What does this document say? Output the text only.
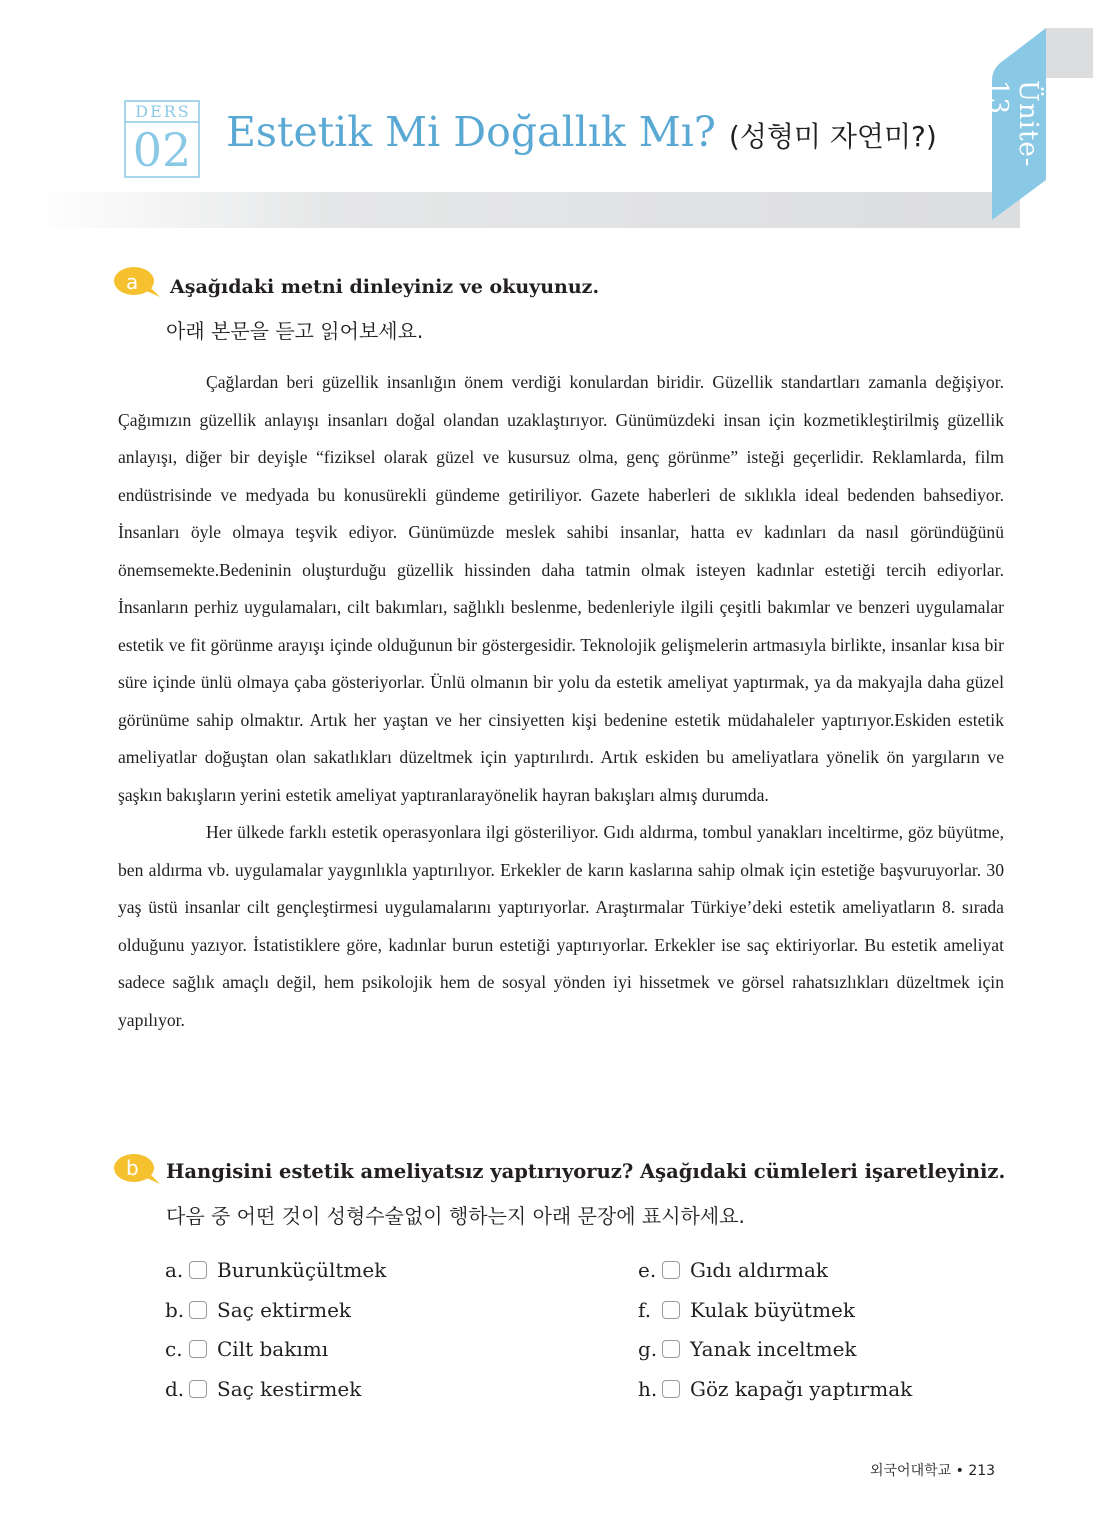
Ünite-13
DERS
02 Estetik Mi Doğallık Mı? (성형미 자연미?)
a Aşağıdaki metni dinleyiniz ve okuyunuz.
아래 본문을 듣고 읽어보세요.

Çağlardan beri güzellik insanlığın önem verdiği konulardan biridir. Güzellik standartları zamanla değişiyor. Çağımızın güzellik anlayışı insanları doğal olandan uzaklaştırıyor. Günümüzdeki insan için kozmetikleştirilmiş güzellik anlayışı, diğer bir deyişle “fiziksel olarak güzel ve kusursuz olma, genç görünme” isteği geçerlidir. Reklamlarda, film endüstrisinde ve medyada bu konusürekli gündeme getiriliyor. Gazete haberleri de sıklıkla ideal bedenden bahsediyor. İnsanları öyle olmaya teşvik ediyor. Günümüzde meslek sahibi insanlar, hatta ev kadınları da nasıl göründüğünü önemsemekte.Bedeninin oluşturduğu güzellik hissinden daha tatmin olmak isteyen kadınlar estetiği tercih ediyorlar. İnsanların perhiz uygulamaları, cilt bakımları, sağlıklı beslenme, bedenleriyle ilgili çeşitli bakımlar ve benzeri uygulamalar estetik ve fit görünme arayışı içinde olduğunun bir göstergesidir. Teknolojik gelişmelerin artmasıyla birlikte, insanlar kısa bir süre içinde ünlü olmaya çaba gösteriyorlar. Ünlü olmanın bir yolu da estetik ameliyat yaptırmak, ya da makyajla daha güzel görünüme sahip olmaktır. Artık her yaştan ve her cinsiyetten kişi bedenine estetik müdahaleler yaptırıyor.Eskiden estetik ameliyatlar doğuştan olan sakatlıkları düzeltmek için yaptırılırdı. Artık eskiden bu ameliyatlara yönelik ön yargıların ve şaşkın bakışların yerini estetik ameliyat yaptıranlarayönelik hayran bakışları almış durumda.

Her ülkede farklı estetik operasyonlara ilgi gösteriliyor. Gıdı aldırma, tombul yanakları inceltirme, göz büyütme, ben aldırma vb. uygulamalar yaygınlıkla yaptırılıyor. Erkekler de karın kaslarına sahip olmak için estetiğe başvuruyorlar. 30 yaş üstü insanlar cilt gençleştirmesi uygulamalarını yaptırıyorlar. Araştırmalar Türkiye’deki estetik ameliyatların 8. sırada olduğunu yazıyor. İstatistiklere göre, kadınlar burun estetiği yaptırıyorlar. Erkekler ise saç ektiriyorlar. Bu estetik ameliyat sadece sağlık amaçlı değil, hem psikolojik hem de sosyal yönden iyi hissetmek ve görsel rahatsızlıkları düzeltmek için yapılıyor.

b Hangisini estetik ameliyatsız yaptırıyoruz? Aşağıdaki cümleleri işaretleyiniz.
다음 중 어떤 것이 성형수술없이 행하는지 아래 문장에 표시하세요.
a. Burunküçültmek
b. Saç ektirmek
c.	Cilt bakımı
d. Saç kestirmek
e. Gıdı aldırmak
f.	Kulak büyütmek
g. Yanak inceltmek
h. Göz kapağı yaptırmak
외국어대학교 • 213
